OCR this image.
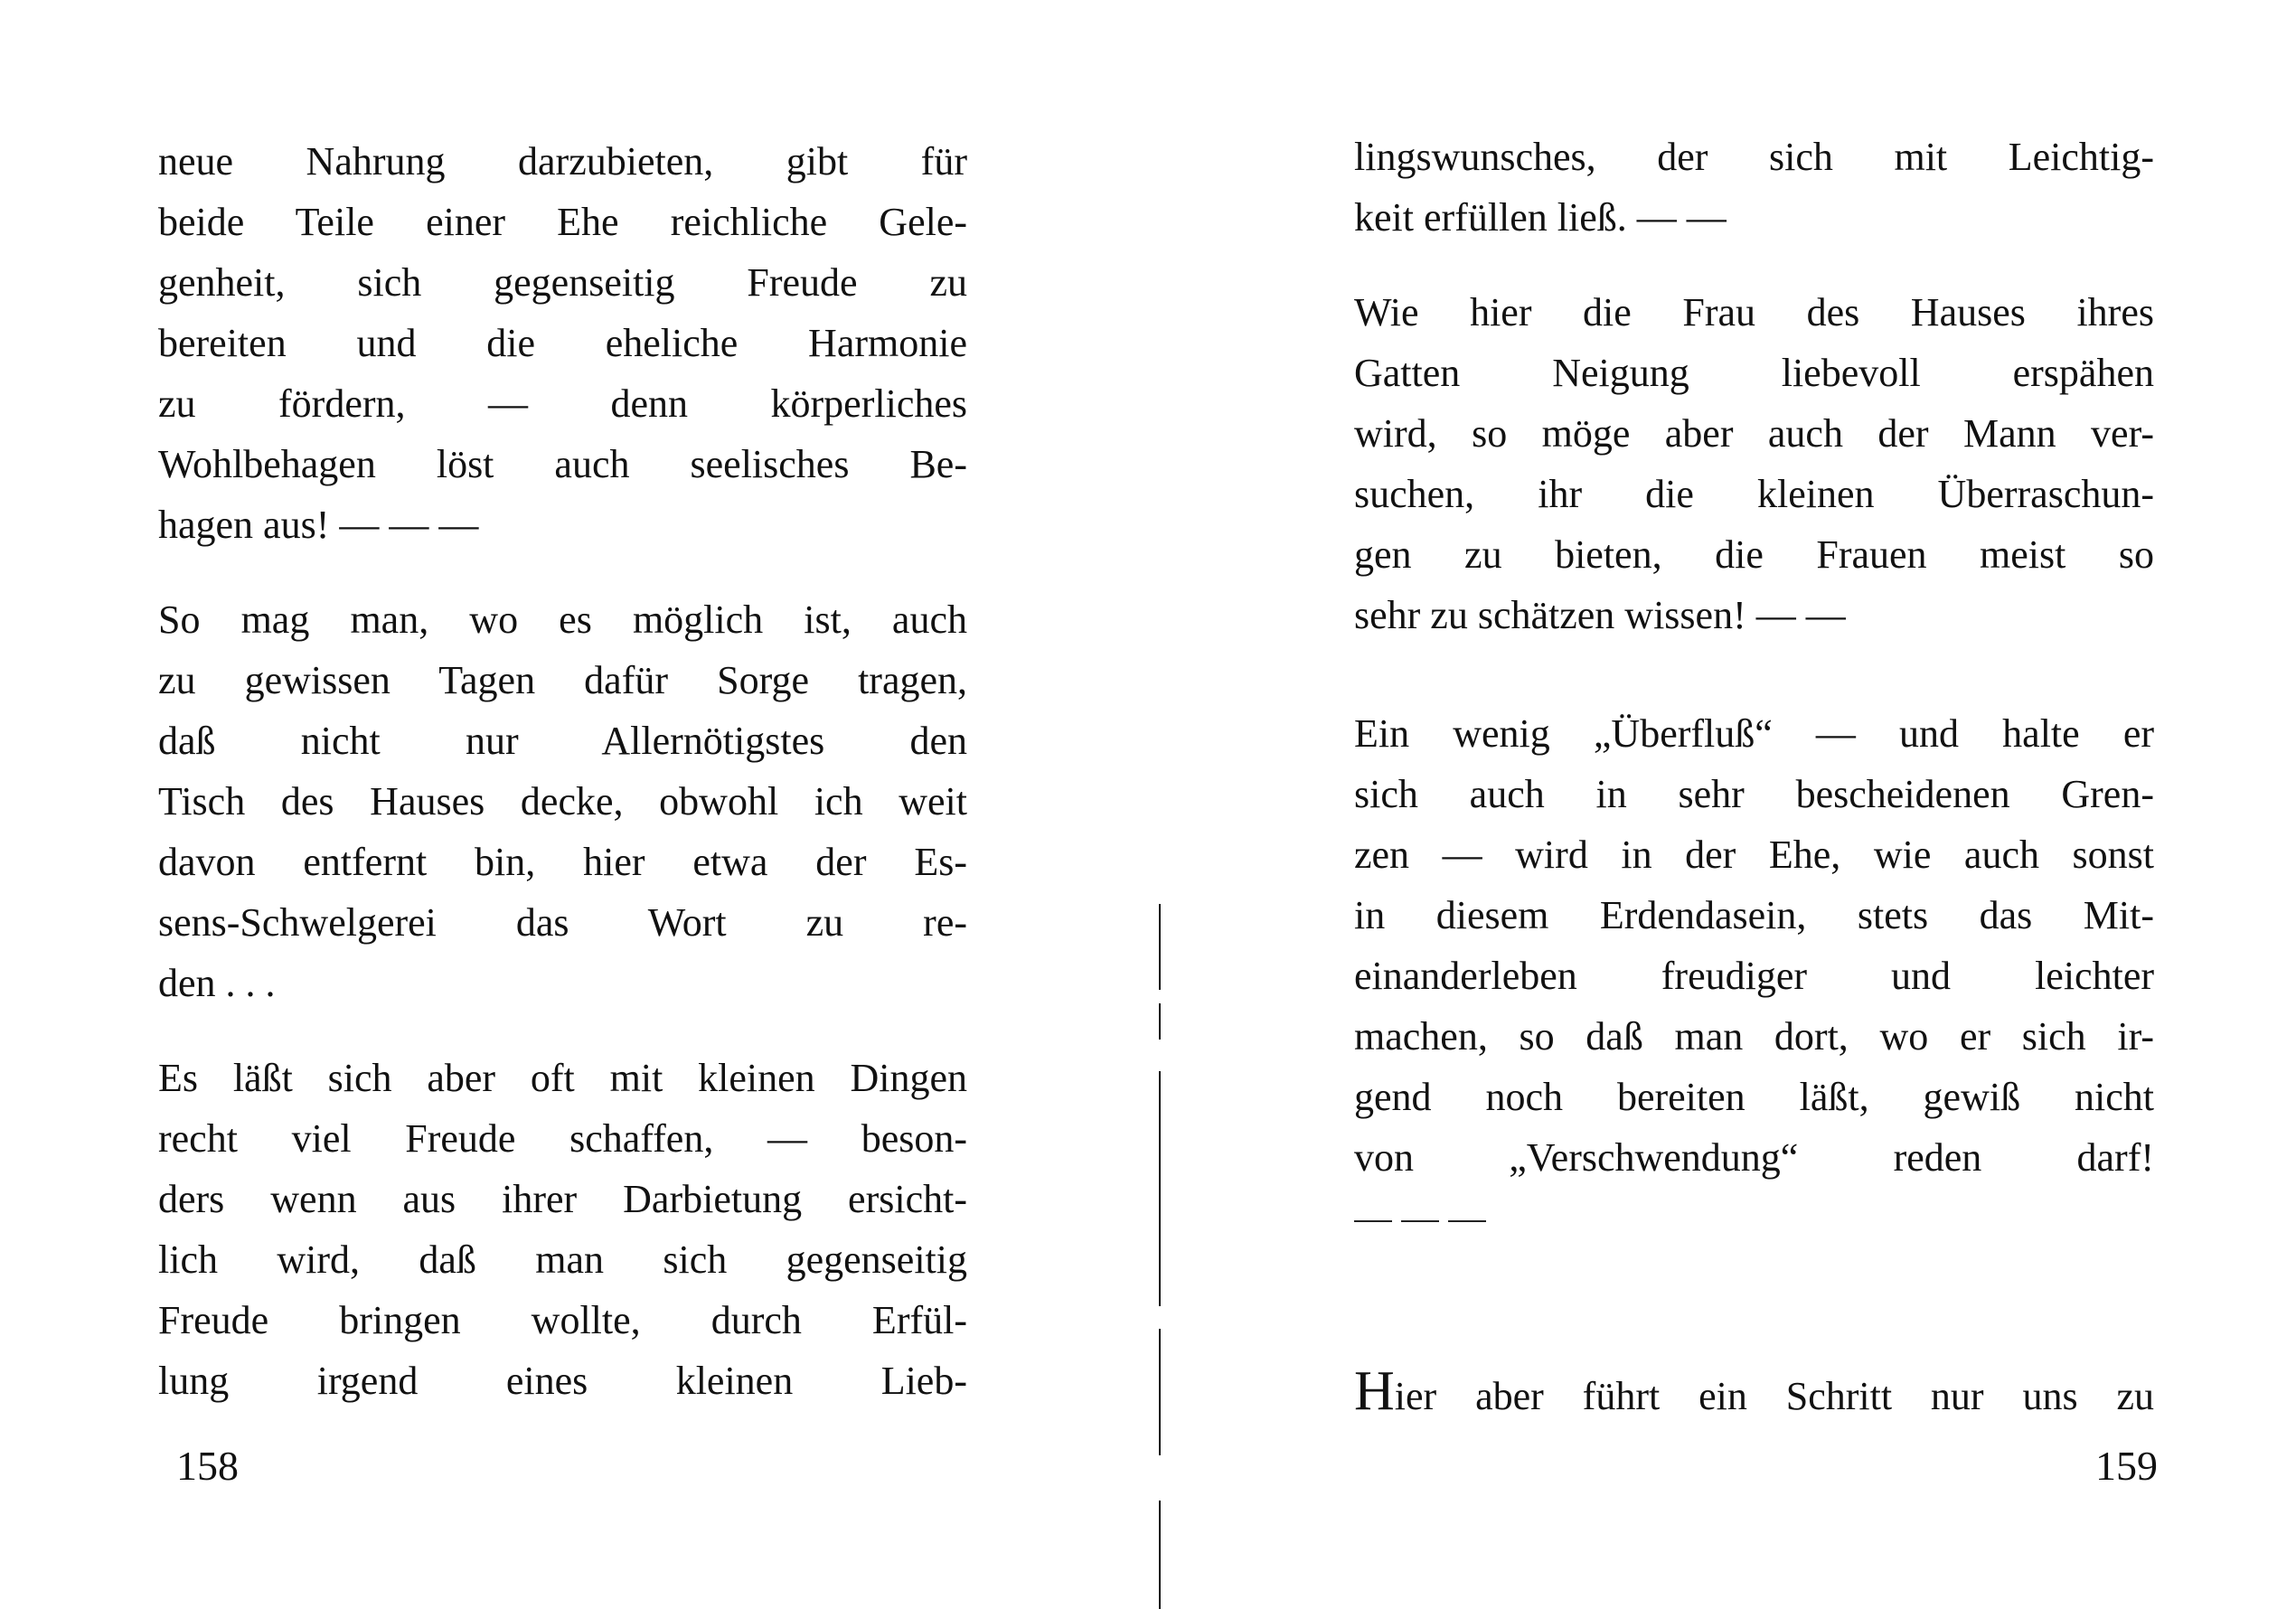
neue Nahrung darzubieten, gibt für
beide Teile einer Ehe reichliche Gele-
genheit, sich gegenseitig Freude zu
bereiten und die eheliche Harmonie
zu fördern, — denn körperliches
Wohlbehagen löst auch seelisches Be-
hagen aus! — — —
So mag man, wo es möglich ist, auch
zu gewissen Tagen dafür Sorge tragen,
daß nicht nur Allernötigstes den
Tisch des Hauses decke, obwohl ich weit
davon entfernt bin, hier etwa der Es-
sens-Schwelgerei das Wort zu re-
den . . .
Es läßt sich aber oft mit kleinen Dingen
recht viel Freude schaffen, — beson-
ders wenn aus ihrer Darbietung ersicht-
lich wird, daß man sich gegenseitig
Freude bringen wollte, durch Erfül-
lung irgend eines kleinen Lieb-
158
lingswunsches, der sich mit Leichtig-
keit erfüllen ließ. — —
Wie hier die Frau des Hauses ihres
Gatten Neigung liebevoll erspähen
wird, so möge aber auch der Mann ver-
suchen, ihr die kleinen Überraschun-
gen zu bieten, die Frauen meist so
sehr zu schätzen wissen! — —
Ein wenig „Überfluß“ — und halte er
sich auch in sehr bescheidenen Gren-
zen — wird in der Ehe, wie auch sonst
in diesem Erdendasein, stets das Mit-
einanderleben freudiger und leichter
machen, so daß man dort, wo er sich ir-
gend noch bereiten läßt, gewiß nicht
von „Verschwendung“ reden darf!
Hier aber führt ein Schritt nur uns zu
159
